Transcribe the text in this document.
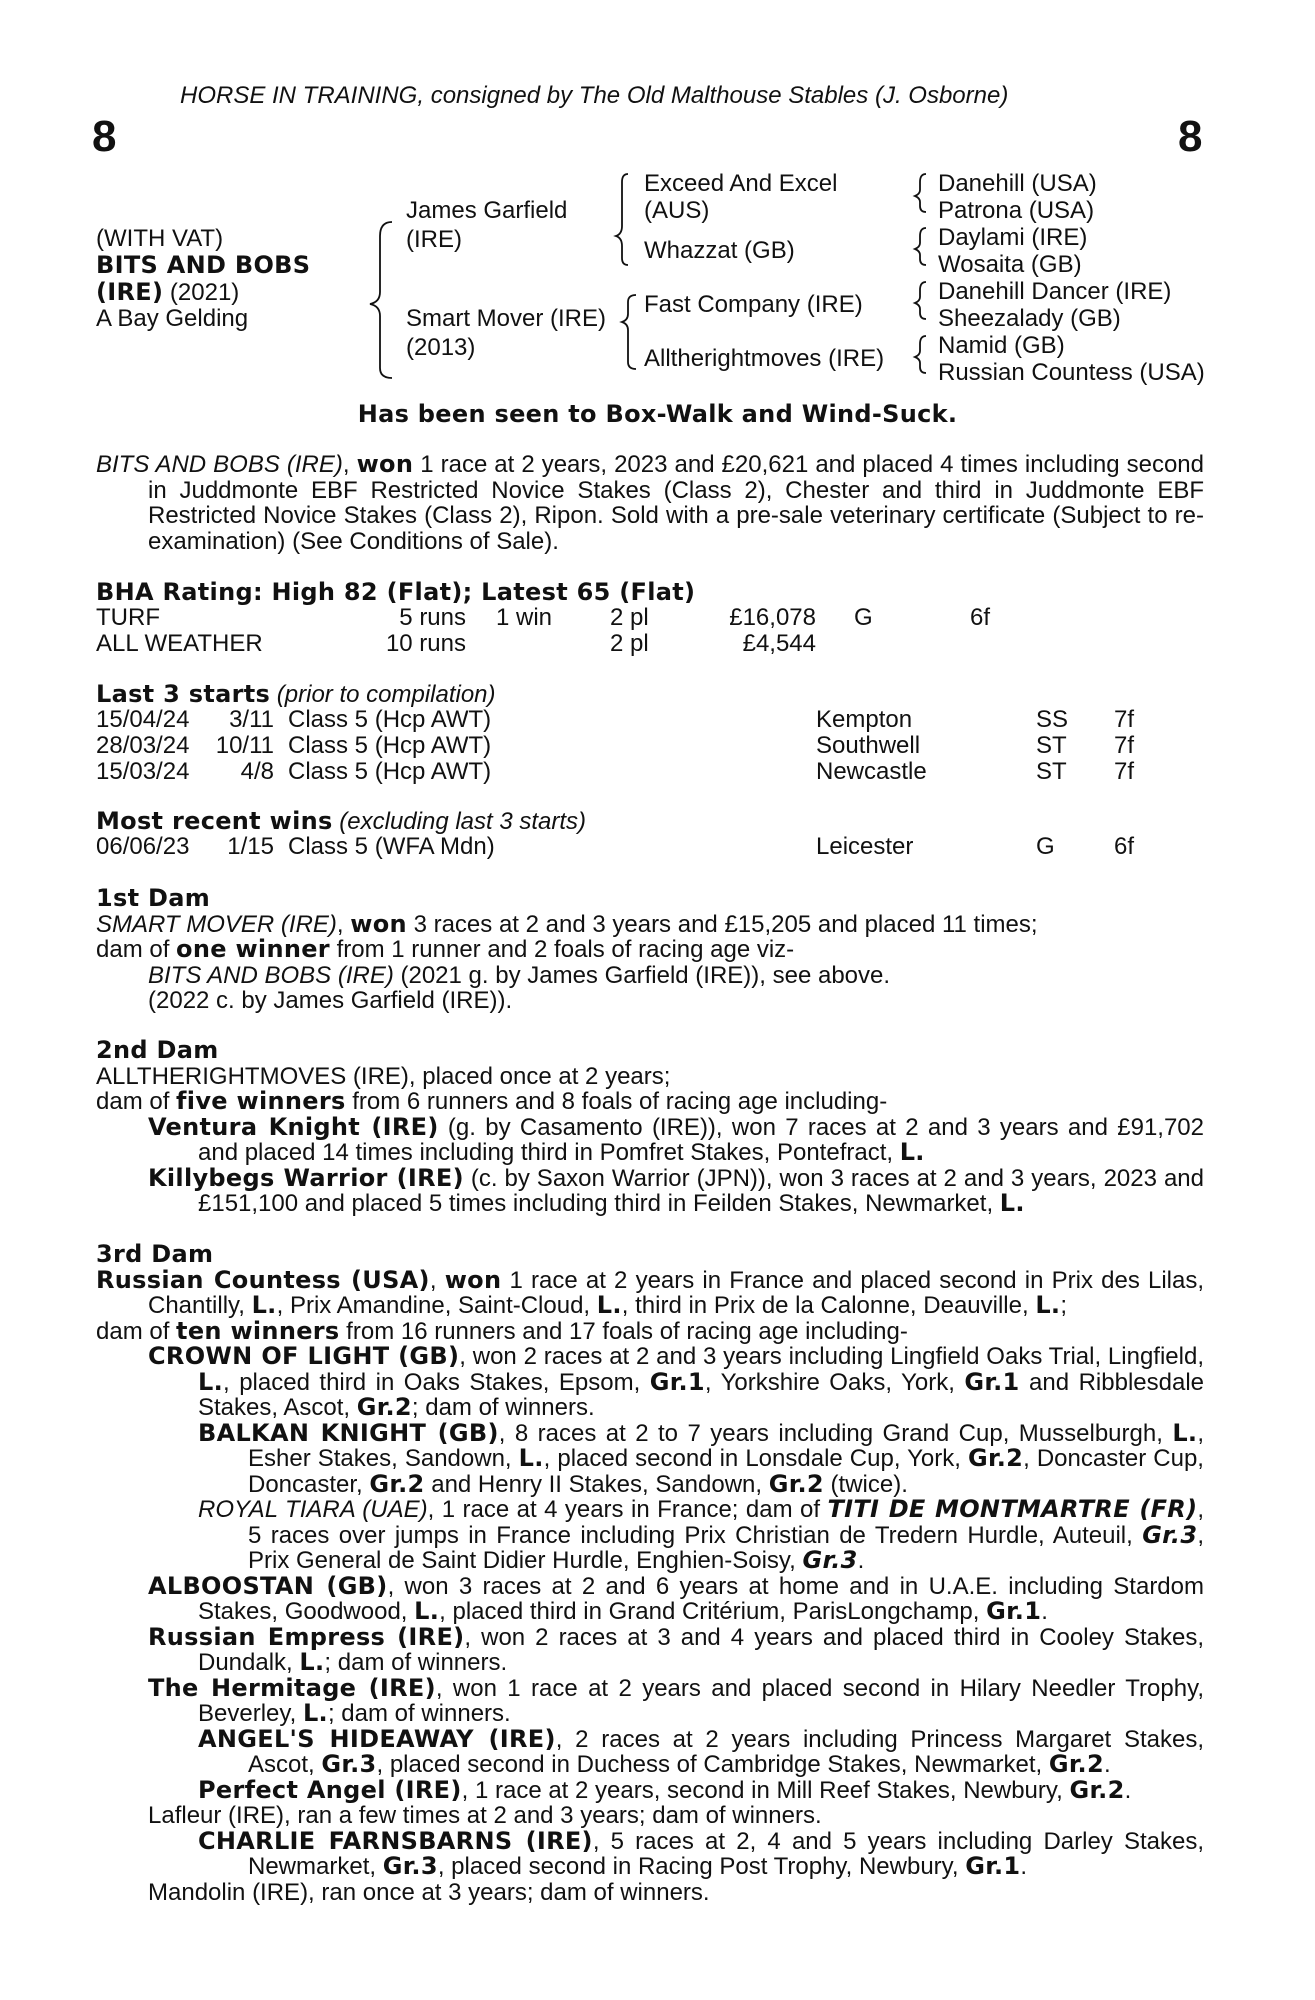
HORSE IN TRAINING, consigned by The Old Malthouse Stables (J. Osborne)
8	8
(WITH VAT)
BITS AND BOBS
(IRE) (2021)
A Bay Gelding
James Garfield
(IRE)
Smart Mover (IRE)
(2013)
Exceed And Excel
(AUS)
Whazzat (GB)
Fast Company (IRE)
Alltherightmoves (IRE)
Danehill (USA)
Patrona (USA)
Daylami (IRE)
Wosaita (GB)
Danehill Dancer (IRE)
Sheezalady (GB)
Namid (GB)
Russian Countess (USA)
Has been seen to Box-Walk and Wind-Suck.

BITS AND BOBS (IRE), won 1 race at 2 years, 2023 and £20,621 and placed 4 times including second in Juddmonte EBF Restricted Novice Stakes (Class 2), Chester and third in Juddmonte EBF Restricted Novice Stakes (Class 2), Ripon. Sold with a pre-sale veterinary certificate (Subject to re-examination) (See Conditions of Sale).

BHA Rating: High 82 (Flat); Latest 65 (Flat)
TURF	5 runs 1 win 2 pl	£16,078 G	6f
ALL WEATHER	10 runs	2 pl	£4,544
Last 3 starts (prior to compilation)
15/04/24	3/11 Class 5 (Hcp AWT)	Kempton	SS 7f
28/03/24	10/11 Class 5 (Hcp AWT)	Southwell	ST 7f
15/03/24	4/8 Class 5 (Hcp AWT)	Newcastle	ST 7f
Most recent wins (excluding last 3 starts)
06/06/23	1/15 Class 5 (WFA Mdn)	Leicester	G 6f
1st Dam
SMART MOVER (IRE), won 3 races at 2 and 3 years and £15,205 and placed 11 times;
dam of one winner from 1 runner and 2 foals of racing age viz-
BITS AND BOBS (IRE) (2021 g. by James Garfield (IRE)), see above.
(2022 c. by James Garfield (IRE)).
2nd Dam
ALLTHERIGHTMOVES (IRE), placed once at 2 years;
dam of five winners from 6 runners and 8 foals of racing age including-

Ventura Knight (IRE) (g. by Casamento (IRE)), won 7 races at 2 and 3 years and £91,702 and placed 14 times including third in Pomfret Stakes, Pontefract, L.

Killybegs Warrior (IRE) (c. by Saxon Warrior (JPN)), won 3 races at 2 and 3 years, 2023 and £151,100 and placed 5 times including third in Feilden Stakes, Newmarket, L.

3rd Dam

Russian Countess (USA), won 1 race at 2 years in France and placed second in Prix des Lilas, Chantilly, L., Prix Amandine, Saint-Cloud, L., third in Prix de la Calonne, Deauville, L.;

dam of ten winners from 16 runners and 17 foals of racing age including-

CROWN OF LIGHT (GB), won 2 races at 2 and 3 years including Lingfield Oaks Trial, Lingfield, L., placed third in Oaks Stakes, Epsom, Gr.1, Yorkshire Oaks, York, Gr.1 and Ribblesdale Stakes, Ascot, Gr.2; dam of winners.

BALKAN KNIGHT (GB), 8 races at 2 to 7 years including Grand Cup, Musselburgh, L., Esher Stakes, Sandown, L., placed second in Lonsdale Cup, York, Gr.2, Doncaster Cup, Doncaster, Gr.2 and Henry II Stakes, Sandown, Gr.2 (twice).

ROYAL TIARA (UAE), 1 race at 4 years in France; dam of TITI DE MONTMARTRE (FR), 5 races over jumps in France including Prix Christian de Tredern Hurdle, Auteuil, Gr.3, Prix General de Saint Didier Hurdle, Enghien-Soisy, Gr.3.

ALBOOSTAN (GB), won 3 races at 2 and 6 years at home and in U.A.E. including Stardom Stakes, Goodwood, L., placed third in Grand Critérium, ParisLongchamp, Gr.1.

Russian Empress (IRE), won 2 races at 3 and 4 years and placed third in Cooley Stakes, Dundalk, L.; dam of winners.

The Hermitage (IRE), won 1 race at 2 years and placed second in Hilary Needler Trophy, Beverley, L.; dam of winners.

ANGEL'S HIDEAWAY (IRE), 2 races at 2 years including Princess Margaret Stakes, Ascot, Gr.3, placed second in Duchess of Cambridge Stakes, Newmarket, Gr.2.

Perfect Angel (IRE), 1 race at 2 years, second in Mill Reef Stakes, Newbury, Gr.2.

Lafleur (IRE), ran a few times at 2 and 3 years; dam of winners.

CHARLIE FARNSBARNS (IRE), 5 races at 2, 4 and 5 years including Darley Stakes, Newmarket, Gr.3, placed second in Racing Post Trophy, Newbury, Gr.1.

Mandolin (IRE), ran once at 3 years; dam of winners.
